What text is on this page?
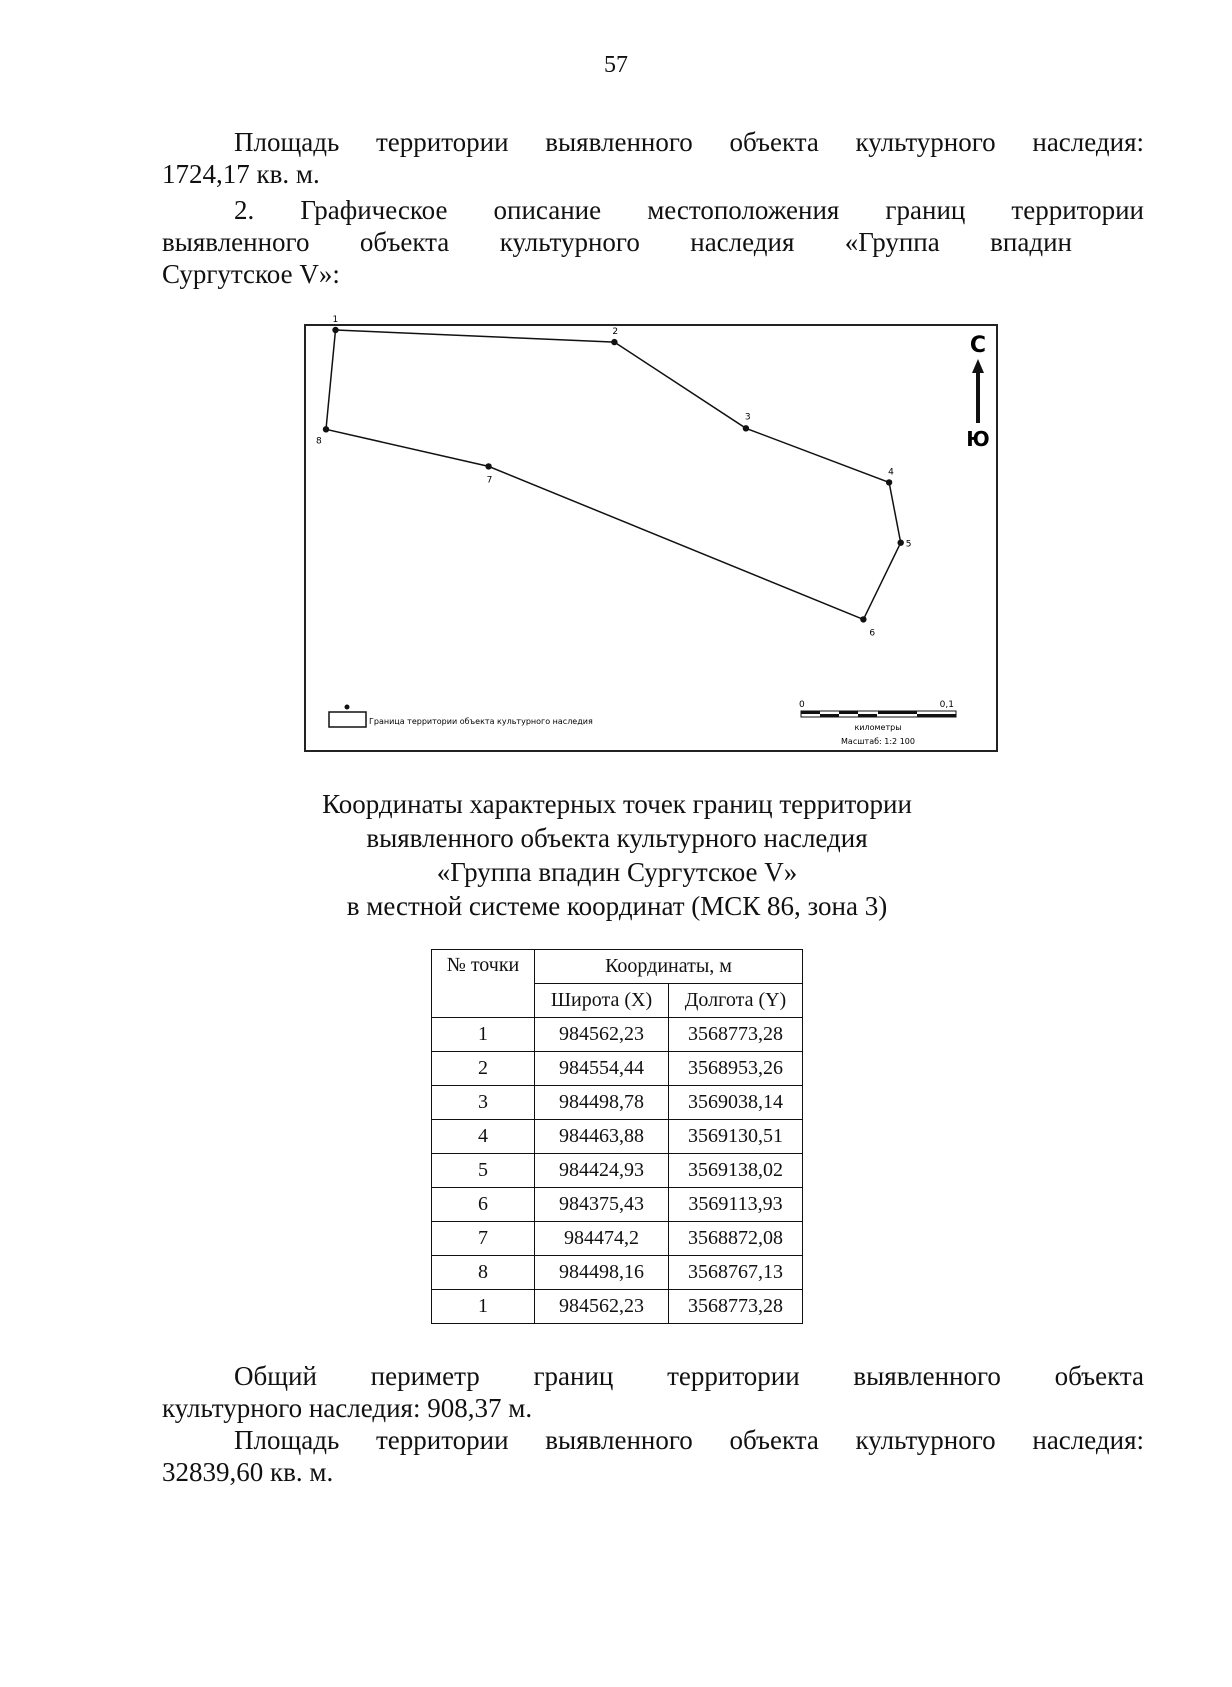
57

Площадь территории выявленного объекта культурного наследия:

1724,17 кв. м.

2. Графическое описание местоположения границ территории

выявленного объекта культурного наследия «Группа впадин

Сургутское V»:

1
2
3
4
5
6
7
8
С
Ю
Граница территории объекта культурного наследия
0	0,1
километры
Масштаб: 1:2 100

Координаты характерных точек границ территории
выявленного объекта культурного наследия
«Группа впадин Сургутское V»
в местной системе координат (МСК 86, зона 3)

№ точки	Координаты, м	
	Широта (X)	Долгота (Y)
1	984562,23	3568773,28
2	984554,44	3568953,26
3	984498,78	3569038,14
4	984463,88	3569130,51
5	984424,93	3569138,02
6	984375,43	3569113,93
7	984474,2	3568872,08
8	984498,16	3568767,13
1	984562,23	3568773,28

Общий периметр границ территории выявленного объекта

культурного наследия: 908,37 м.

Площадь территории выявленного объекта культурного наследия:

32839,60 кв. м.
